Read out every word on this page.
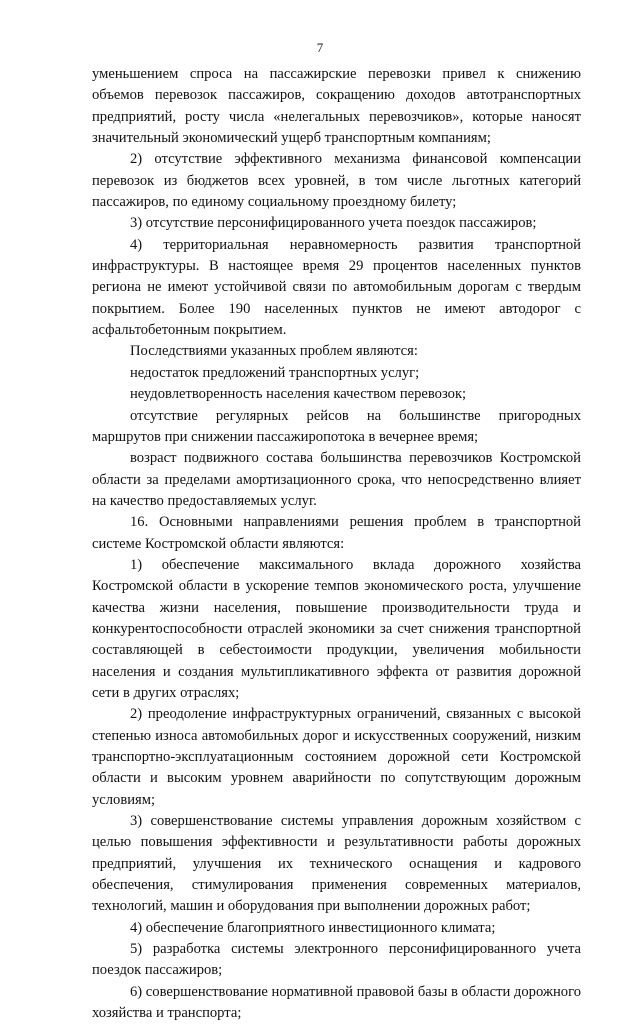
7

уменьшением спроса на пассажирские перевозки привел к снижению объемов перевозок пассажиров, сокращению доходов автотранспортных предприятий, росту числа «нелегальных перевозчиков», которые наносят значительный экономический ущерб транспортным компаниям;

2) отсутствие эффективного механизма финансовой компенсации перевозок из бюджетов всех уровней, в том числе льготных категорий пассажиров, по единому социальному проездному билету;

3) отсутствие персонифицированного учета поездок пассажиров;

4) территориальная неравномерность развития транспортной инфраструктуры. В настоящее время 29 процентов населенных пунктов региона не имеют устойчивой связи по автомобильным дорогам с твердым покрытием. Более 190 населенных пунктов не имеют автодорог с асфальтобетонным покрытием.

Последствиями указанных проблем являются:

недостаток предложений транспортных услуг;

неудовлетворенность населения качеством перевозок;

отсутствие регулярных рейсов на большинстве пригородных маршрутов при снижении пассажиропотока в вечернее время;

возраст подвижного состава большинства перевозчиков Костромской области за пределами амортизационного срока, что непосредственно влияет на качество предоставляемых услуг.

16. Основными направлениями решения проблем в транспортной системе Костромской области являются:

1) обеспечение максимального вклада дорожного хозяйства Костромской области в ускорение темпов экономического роста, улучшение качества жизни населения, повышение производительности труда и конкурентоспособности отраслей экономики за счет снижения транспортной составляющей в себестоимости продукции, увеличения мобильности населения и создания мультипликативного эффекта от развития дорожной сети в других отраслях;

2) преодоление инфраструктурных ограничений, связанных с высокой степенью износа автомобильных дорог и искусственных сооружений, низким транспортно-эксплуатационным состоянием дорожной сети Костромской области и высоким уровнем аварийности по сопутствующим дорожным условиям;

3) совершенствование системы управления дорожным хозяйством с целью повышения эффективности и результативности работы дорожных предприятий, улучшения их технического оснащения и кадрового обеспечения, стимулирования применения современных материалов, технологий, машин и оборудования при выполнении дорожных работ;

4) обеспечение благоприятного инвестиционного климата;

5) разработка системы электронного персонифицированного учета поездок пассажиров;

6) совершенствование нормативной правовой базы в области дорожного хозяйства и транспорта;
